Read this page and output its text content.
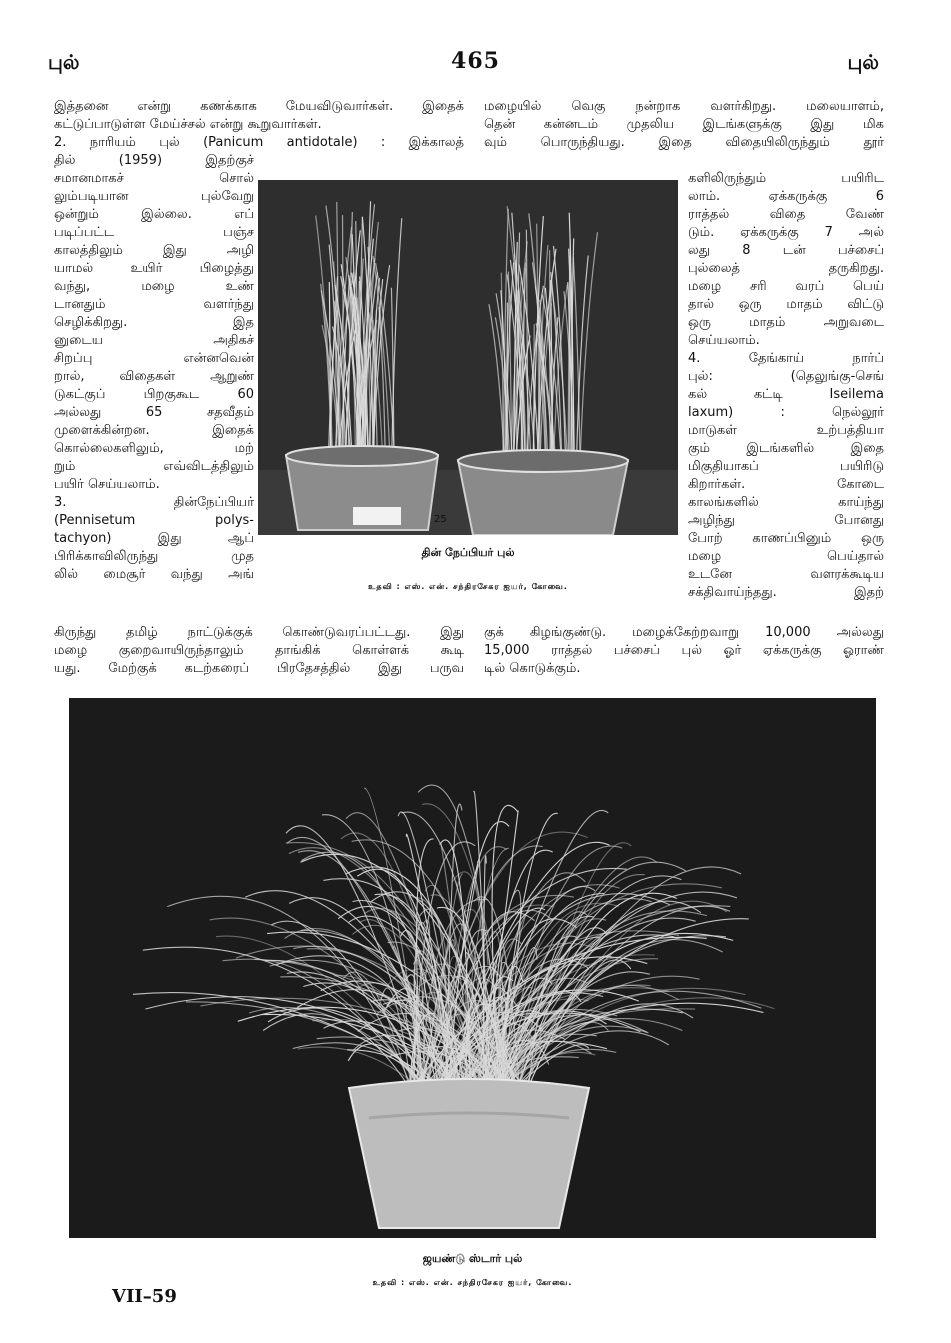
புல்	465	புல்
இத்தனை என்று கணக்காக மேயவிடுவார்கள். இதைக்
கட்டுப்பாடுள்ள மேய்ச்சல் என்று கூறுவார்கள்.
2. நாரியம் புல் (Panicum antidotale) : இக்காலத்
தில் (1959) இதற்குச்
சமானமாகச் சொல்
லும்படியான புல்வேறு
ஒன்றும் இல்லை. எப்
படிப்பட்ட பஞ்ச
காலத்திலும் இது அழி
யாமல் உயிர் பிழைத்து
வந்து, மழை உண்
டானதும் வளர்ந்து
செழிக்கிறது. இத
னுடைய அதிகச்
சிறப்பு என்னவென்
றால், விதைகள் ஆறுண்
டுகட்குப் பிறகுகூட 60
அல்லது 65 சதவீதம்
முளைக்கின்றன. இதைக்
கொல்லைகளிலும், மற்
றும் எவ்விடத்திலும்
பயிர் செய்யலாம்.
3. தின்நேப்பியர்
(Pennisetum polys-
tachyon) இது ஆப்
பிரிக்காவிலிருந்து முத
லில் மைசூர் வந்து அங்
கிருந்து தமிழ் நாட்டுக்குக் கொண்டுவரப்பட்டது. இது
மழை குறைவாயிருந்தாலும் தாங்கிக் கொள்ளக் கூடி
யது. மேற்குக் கடற்கரைப் பிரதேசத்தில் இது பருவ
மழையில் வெகு நன்றாக வளர்கிறது. மலையாளம்,
தென் கன்னடம் முதலிய இடங்களுக்கு இது மிக
வும் பொருந்தியது. இதை விதையிலிருந்தும் தூர்
களிலிருந்தும் பயிரிட
லாம். ஏக்கருக்கு 6
ராத்தல் விதை வேண்
டும். ஏக்கருக்கு 7 அல்
லது 8 டன் பச்சைப்
புல்லைத் தருகிறது.
மழை சரி வரப் பெய்
தால் ஒரு மாதம் விட்டு
ஒரு மாதம் அறுவடை
செய்யலாம்.
4. தேங்காய் நார்ப்
புல்: (தெலுங்கு-செங்
கல் கட்டி Iseilema
laxum) : நெல்லூர்
மாடுகள் உற்பத்தியா
கும் இடங்களில் இதை
மிகுதியாகப் பயிரிடு
கிறார்கள். கோடை
காலங்களில் காய்ந்து
அழிந்து போனது
போற் காணப்பினும் ஒரு
மழை பெய்தால்
உடனே வளரக்கூடிய
சக்திவாய்ந்தது. இதற்
குக் கிழங்குண்டு. மழைக்கேற்றவாறு 10,000 அல்லது
15,000 ராத்தல் பச்சைப் புல் ஓர் ஏக்கருக்கு ஓராண்
டில் கொடுக்கும்.
25
தின் நேப்பியர் புல்
உதவி : எஸ். என். சந்திரசேகர ஐயர், கோவை.
ஜயண்டு ஸ்டார் புல்
உதவி : எஸ். என். சந்திரசேகர ஐயர், கோவை.
VII–59
